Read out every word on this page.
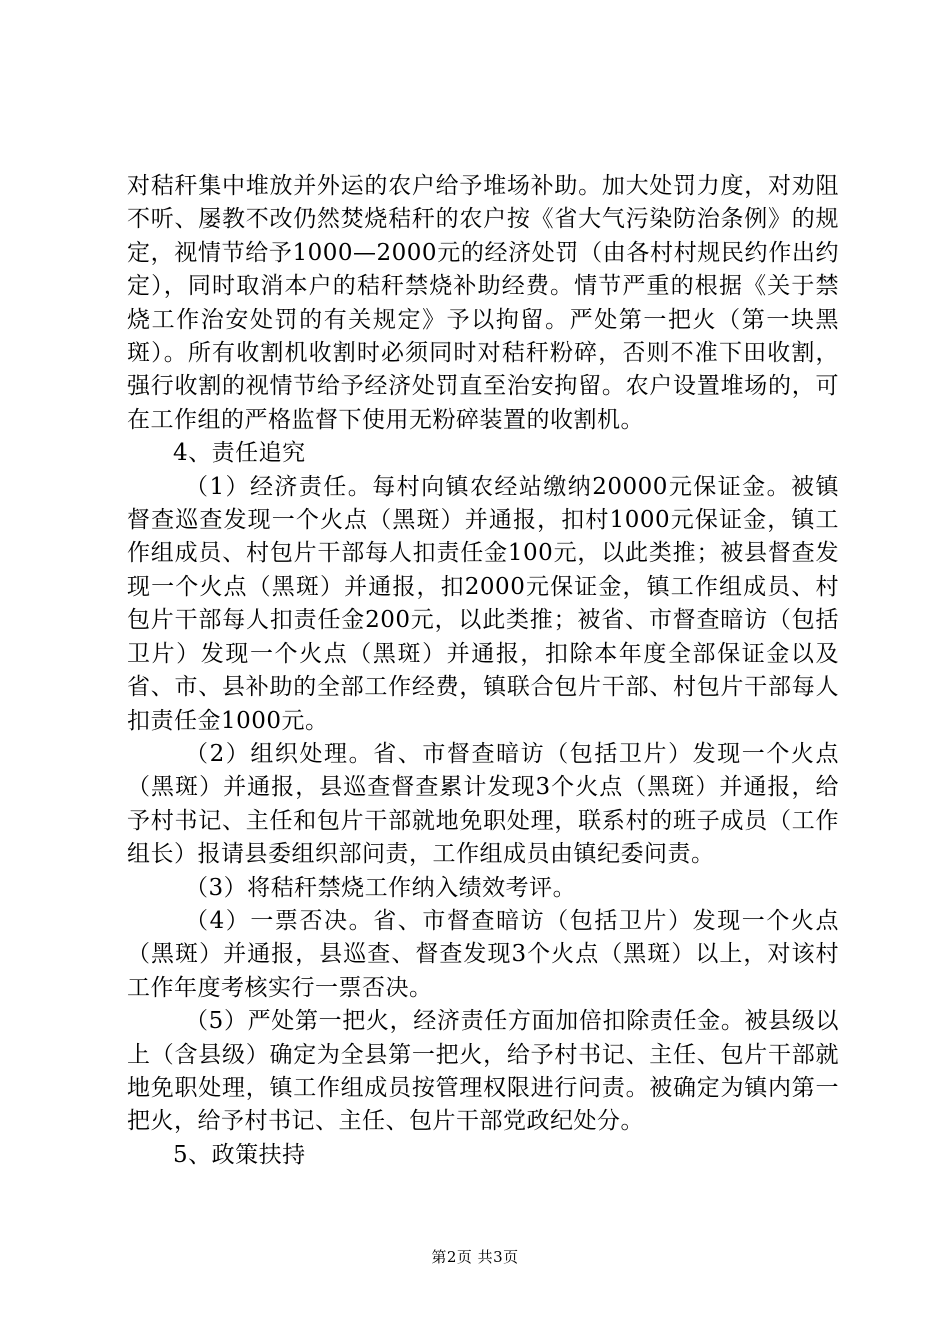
对秸秆集中堆放并外运的农户给予堆场补助。加大处罚力度，对劝阻不听、屡教不改仍然焚烧秸秆的农户按《省大气污染防治条例》的规定，视情节给予1000—2000元的经济处罚（由各村村规民约作出约定），同时取消本户的秸秆禁烧补助经费。情节严重的根据《关于禁烧工作治安处罚的有关规定》予以拘留。严处第一把火（第一块黑斑）。所有收割机收割时必须同时对秸秆粉碎，否则不准下田收割，强行收割的视情节给予经济处罚直至治安拘留。农户设置堆场的，可在工作组的严格监督下使用无粉碎装置的收割机。

4、责任追究

（1）经济责任。每村向镇农经站缴纳20000元保证金。被镇督查巡查发现一个火点（黑斑）并通报，扣村1000元保证金，镇工作组成员、村包片干部每人扣责任金100元，以此类推；被县督查发现一个火点（黑斑）并通报，扣2000元保证金，镇工作组成员、村包片干部每人扣责任金200元，以此类推；被省、市督查暗访（包括卫片）发现一个火点（黑斑）并通报，扣除本年度全部保证金以及省、市、县补助的全部工作经费，镇联合包片干部、村包片干部每人扣责任金1000元。

（2）组织处理。省、市督查暗访（包括卫片）发现一个火点（黑斑）并通报，县巡查督查累计发现3个火点（黑斑）并通报，给予村书记、主任和包片干部就地免职处理，联系村的班子成员（工作组长）报请县委组织部问责，工作组成员由镇纪委问责。

（3）将秸秆禁烧工作纳入绩效考评。

（4）一票否决。省、市督查暗访（包括卫片）发现一个火点（黑斑）并通报，县巡查、督查发现3个火点（黑斑）以上，对该村工作年度考核实行一票否决。

（5）严处第一把火，经济责任方面加倍扣除责任金。被县级以上（含县级）确定为全县第一把火，给予村书记、主任、包片干部就地免职处理，镇工作组成员按管理权限进行问责。被确定为镇内第一把火，给予村书记、主任、包片干部党政纪处分。

5、政策扶持

第2页 共3页
